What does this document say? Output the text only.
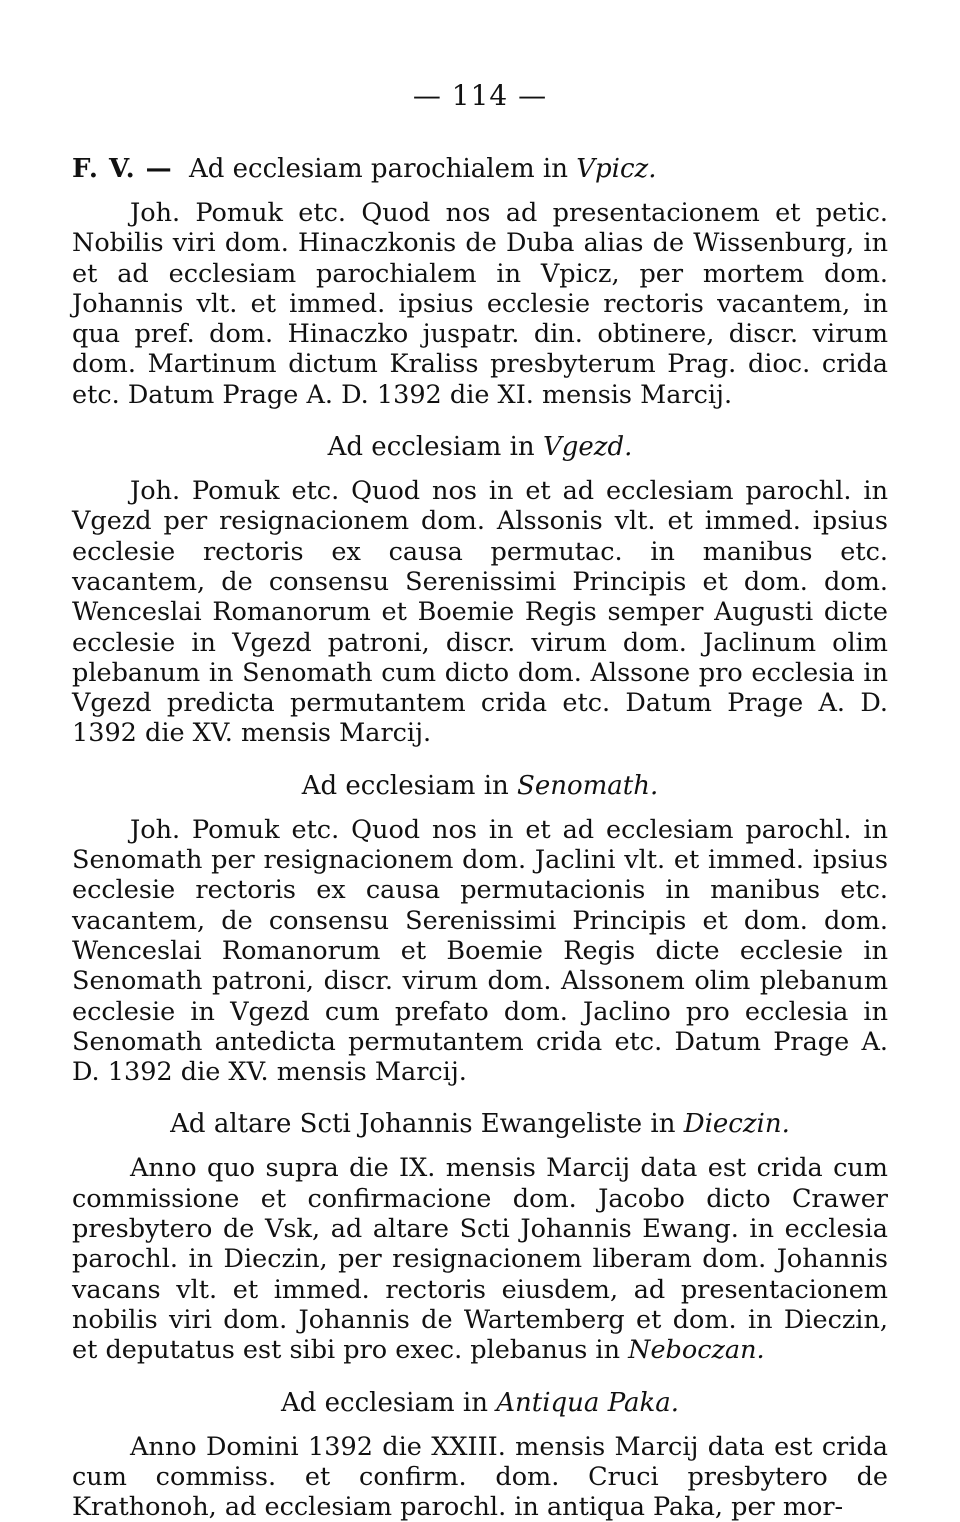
— 114 —
F. V. — Ad ecclesiam parochialem in Vpicz.

Joh. Pomuk etc. Quod nos ad presentacionem et petic. Nobilis viri dom. Hinaczkonis de Duba alias de Wissenburg, in et ad ecclesiam parochialem in Vpicz, per mortem dom. Johannis vlt. et immed. ipsius ecclesie rectoris vacantem, in qua pref. dom. Hinaczko juspatr. din. obtinere, discr. virum dom. Martinum dictum Kraliss presbyterum Prag. dioc. crida etc. Datum Prage A. D. 1392 die XI. mensis Marcij.

Ad ecclesiam in Vgezd.

Joh. Pomuk etc. Quod nos in et ad ecclesiam parochl. in Vgezd per resignacionem dom. Alssonis vlt. et immed. ipsius ecclesie rectoris ex causa permutac. in manibus etc. vacantem, de consensu Serenissimi Principis et dom. dom. Wenceslai Romanorum et Boemie Regis semper Augusti dicte ecclesie in Vgezd patroni, discr. virum dom. Jaclinum olim plebanum in Senomath cum dicto dom. Alssone pro ecclesia in Vgezd predicta permutantem crida etc. Datum Prage A. D. 1392 die XV. mensis Marcij.

Ad ecclesiam in Senomath.

Joh. Pomuk etc. Quod nos in et ad ecclesiam parochl. in Senomath per resignacionem dom. Jaclini vlt. et immed. ipsius ecclesie rectoris ex causa permutacionis in manibus etc. vacantem, de consensu Serenissimi Principis et dom. dom. Wenceslai Romanorum et Boemie Regis dicte ecclesie in Senomath patroni, discr. virum dom. Alssonem olim plebanum ecclesie in Vgezd cum prefato dom. Jaclino pro ecclesia in Senomath antedicta permutantem crida etc. Datum Prage A. D. 1392 die XV. mensis Marcij.

Ad altare Scti Johannis Ewangeliste in Dieczin.

Anno quo supra die IX. mensis Marcij data est crida cum commissione et confirmacione dom. Jacobo dicto Crawer presbytero de Vsk, ad altare Scti Johannis Ewang. in ecclesia parochl. in Dieczin, per resignacionem liberam dom. Johannis vacans vlt. et immed. rectoris eiusdem, ad presentacionem nobilis viri dom. Johannis de Wartemberg et dom. in Dieczin, et deputatus est sibi pro exec. plebanus in Neboczan.

Ad ecclesiam in Antiqua Paka.

Anno Domini 1392 die XXIII. mensis Marcij data est crida cum commiss. et confirm. dom. Cruci presbytero de Krathonoh, ad ecclesiam parochl. in antiqua Paka, per mor-
